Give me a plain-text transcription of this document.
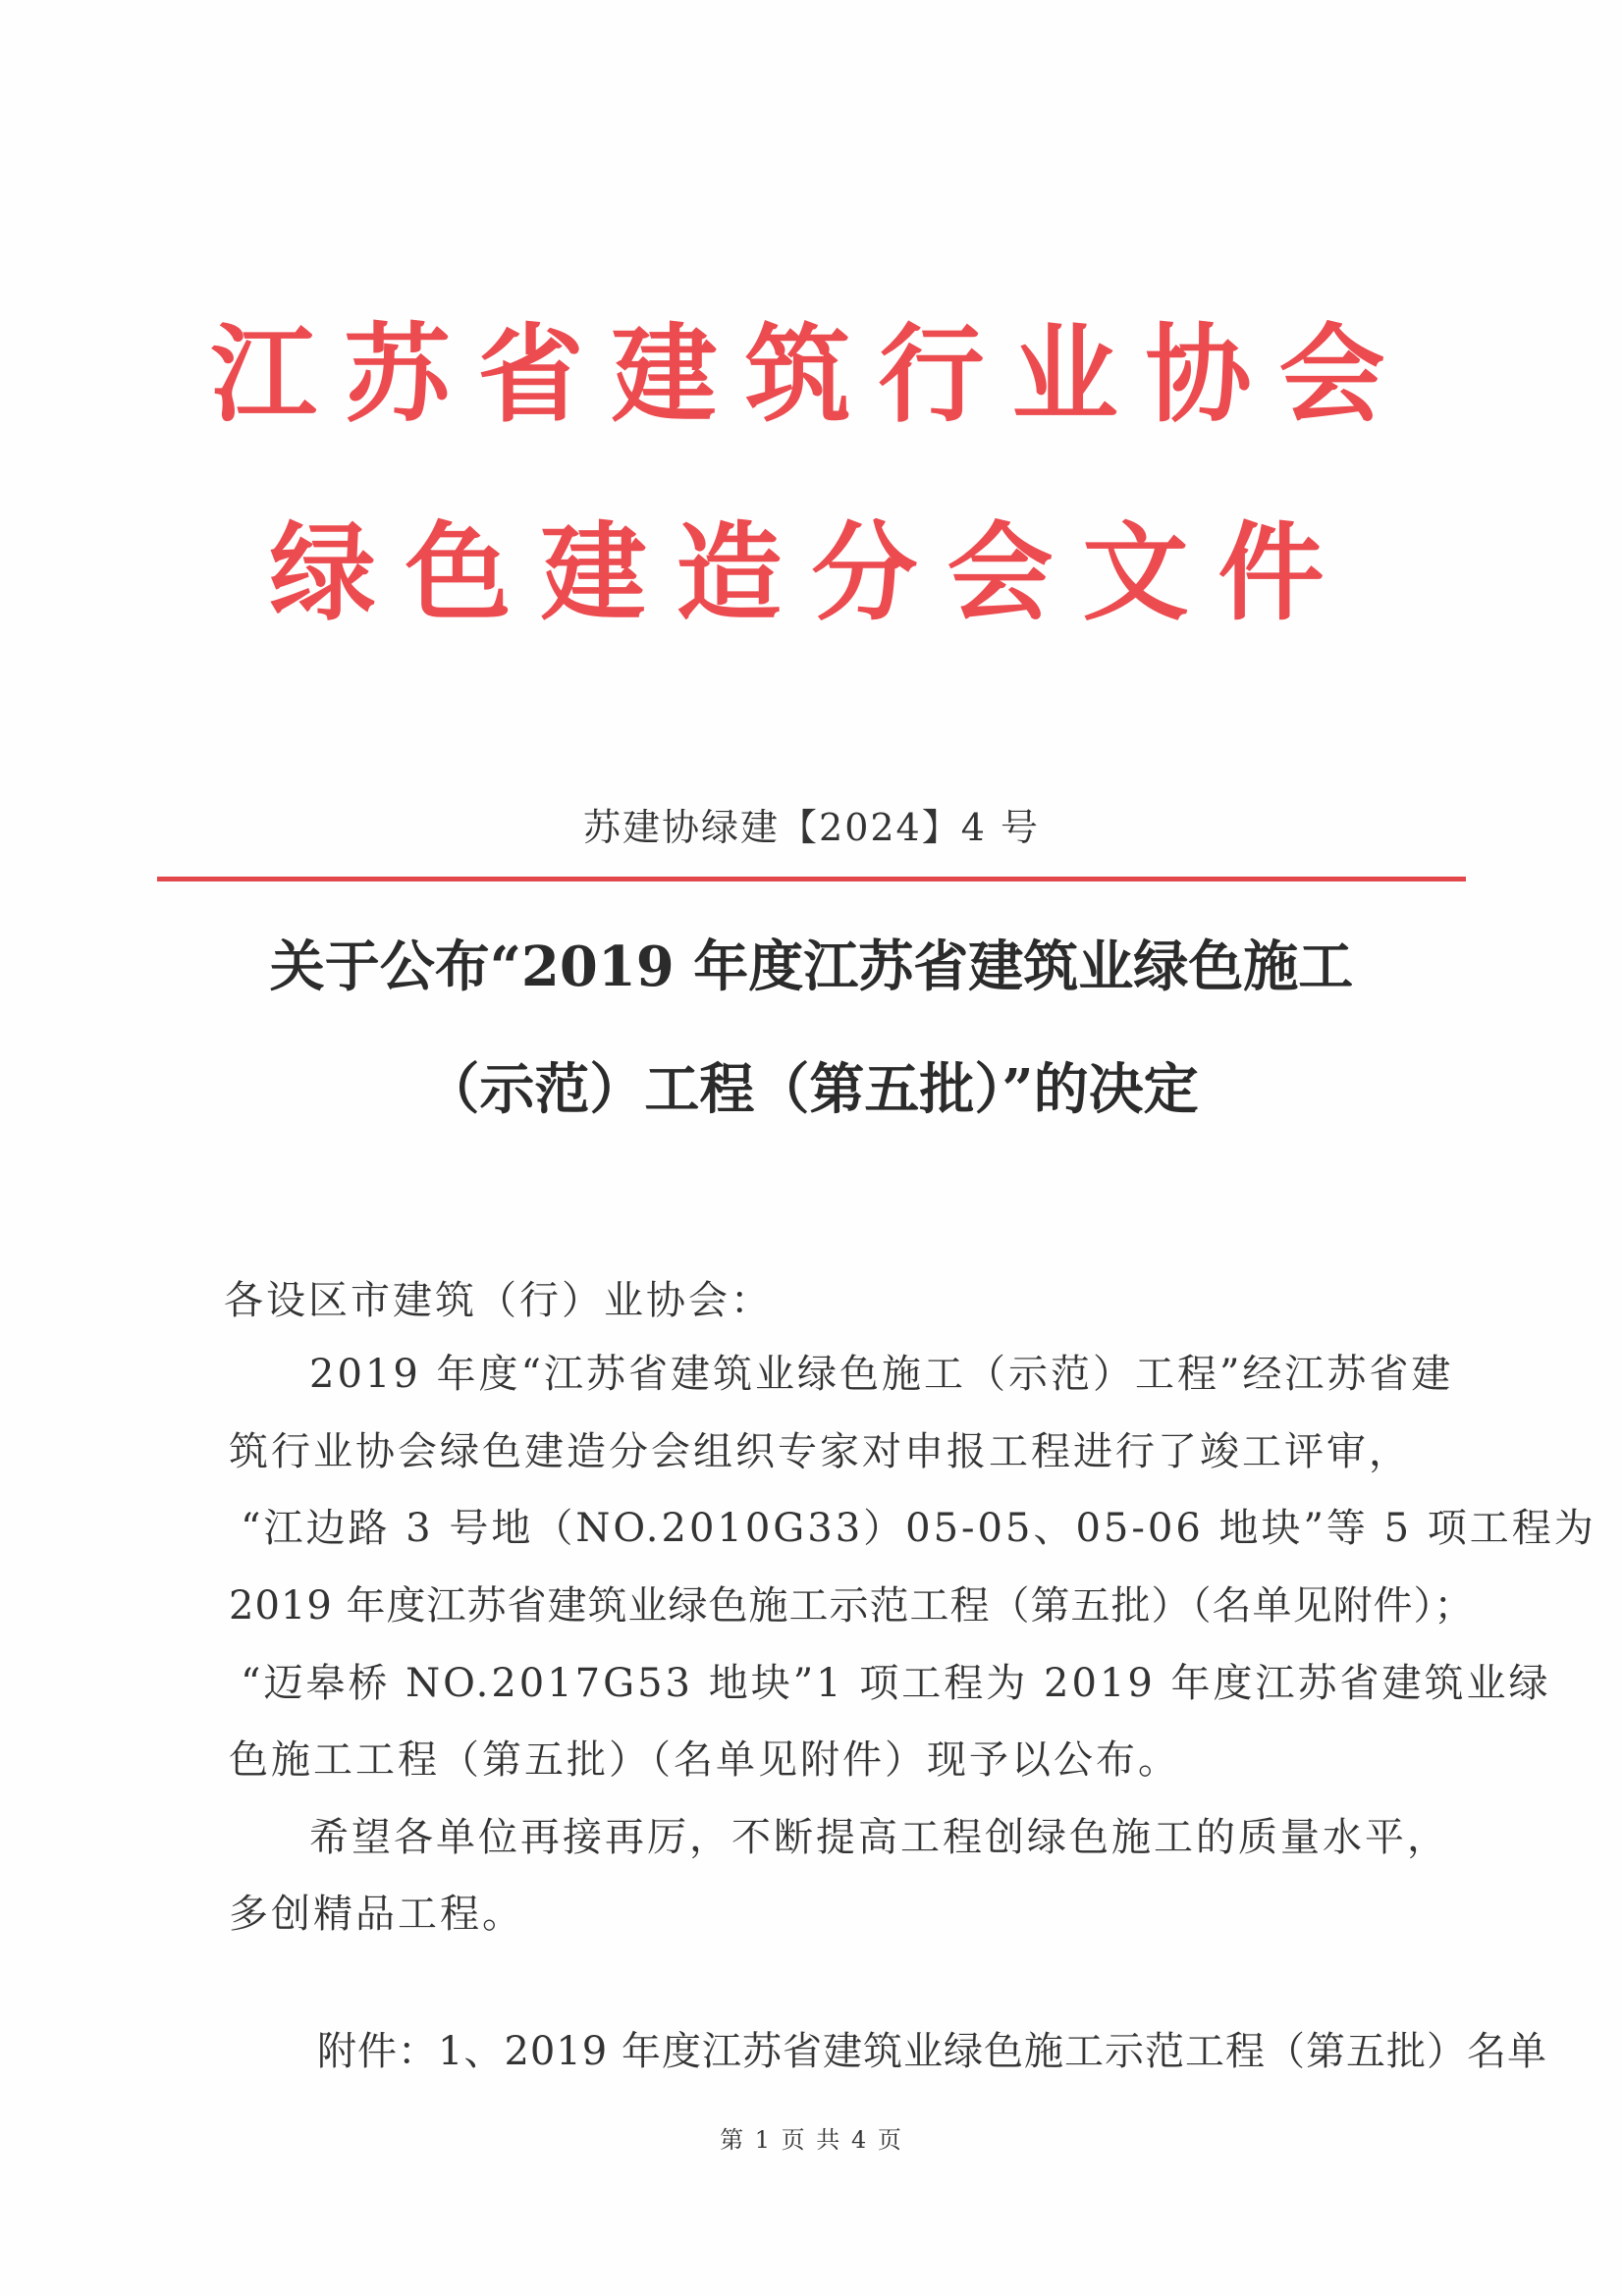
江苏省建筑行业协会
绿色建造分会文件
苏建协绿建【2024】4 号
关于公布“2019 年度江苏省建筑业绿色施工
（示范）工程（第五批）”的决定
各设区市建筑（行）业协会：
2019 年度“江苏省建筑业绿色施工（示范）工程”经江苏省建
筑行业协会绿色建造分会组织专家对申报工程进行了竣工评审，
“江边路 3 号地（NO.2010G33）05-05、05-06 地块”等 5 项工程为
2019 年度江苏省建筑业绿色施工示范工程（第五批）（名单见附件）；
“迈皋桥 NO.2017G53 地块”1 项工程为 2019 年度江苏省建筑业绿
色施工工程（第五批）（名单见附件）现予以公布。
希望各单位再接再厉，不断提高工程创绿色施工的质量水平，
多创精品工程。
附件：1、2019 年度江苏省建筑业绿色施工示范工程（第五批）名单
第 1 页 共 4 页
